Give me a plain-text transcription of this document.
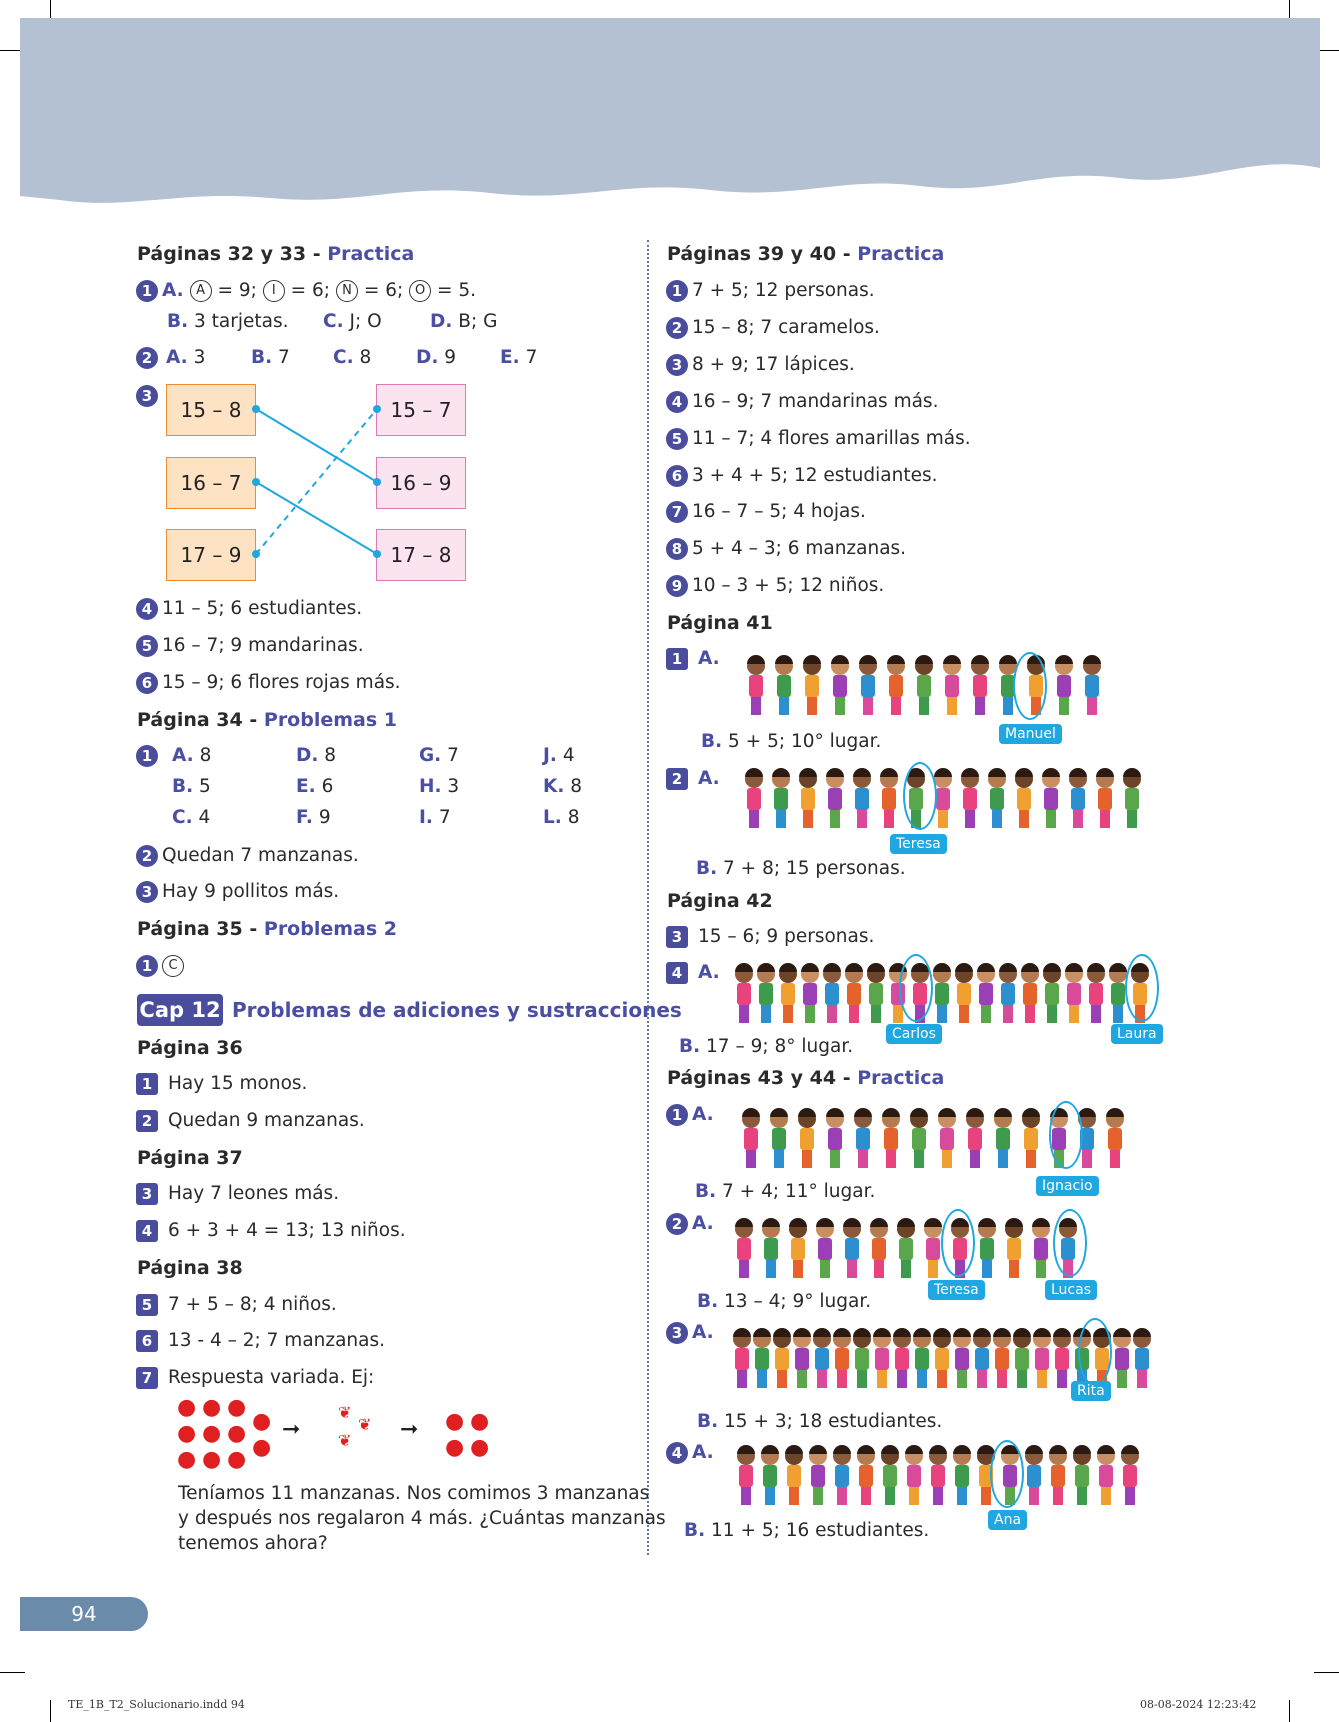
Páginas 32 y 33 - Practica
1 A. A = 9; I = 6; N = 6; O = 5.
B. 3 tarjetas. C. J; O	D. B; G
2 A. 3 B. 7 C. 8 D. 9 E. 7
3
15 – 8
16 – 7
17 – 9
15 – 7
16 – 9
17 – 8
4 11 – 5; 6 estudiantes.
5 16 – 7; 9 mandarinas.
6 15 – 9; 6 flores rojas más.
Página 34 - Problemas 1
1	A. 8	D. 8	G. 7	J. 4
B. 5	E. 6	H. 3	K. 8
C. 4	F. 9	I. 7	L. 8
2 Quedan 7 manzanas.
3 Hay 9 pollitos más.
Página 35 - Problemas 2
1 C
Cap 12 Problemas de adiciones y sustracciones
Página 36
1 Hay 15 monos.
2 Quedan 9 manzanas.
Página 37
3 Hay 7 leones más.
4 6 + 3 + 4 = 13; 13 niños.
Página 38
5 7 + 5 – 8; 4 niños.
6 13 - 4 – 2; 7 manzanas.
7 Respuesta variada. Ej:
● ● ●
● ● ● ●
● ● ● ●
➞
❦
❦
❦ ➞ ● ●
● ●
Teníamos 11 manzanas. Nos comimos 3 manzanas
y después nos regalaron 4 más. ¿Cuántas manzanas
tenemos ahora?
Páginas 39 y 40 - Practica
1 7 + 5; 12 personas.
2 15 – 8; 7 caramelos.
3 8 + 9; 17 lápices.
4 16 – 9; 7 mandarinas más.
5 11 – 7; 4 flores amarillas más.
6 3 + 4 + 5; 12 estudiantes.
7 16 – 7 – 5; 4 hojas.
8 5 + 4 – 3; 6 manzanas.
9 10 – 3 + 5; 12 niños.
Página 41
1 A.
Manuel
B. 5 + 5; 10° lugar.
2 A.
Teresa
B. 7 + 8; 15 personas.
Página 42
3 15 – 6; 9 personas.
4 A.
Carlos	Laura
B. 17 – 9; 8° lugar.
Páginas 43 y 44 - Practica
1 A.
Ignacio
B. 7 + 4; 11° lugar.
2 A.
Teresa	Lucas
B. 13 – 4; 9° lugar.
3 A.
Rita
B. 15 + 3; 18 estudiantes.
4 A.
Ana
B. 11 + 5; 16 estudiantes.
94
TE_1B_T2_Solucionario.indd 94	08-08-2024 12:23:42
